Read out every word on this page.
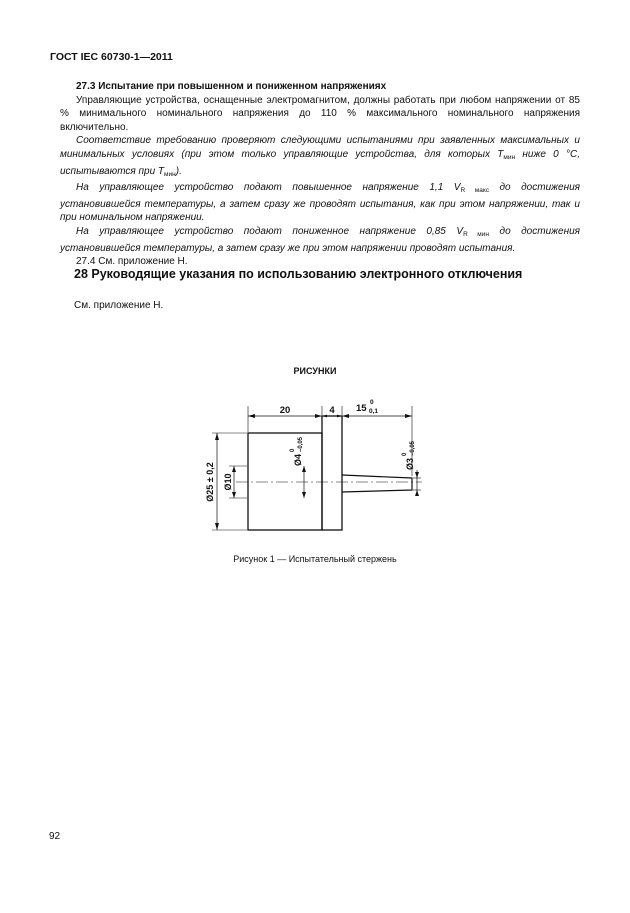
ГОСТ IEC 60730-1—2011

27.3 Испытание при повышенном и пониженном напряжениях

Управляющие устройства, оснащенные электромагнитом, должны работать при любом напряжении от 85 % минимального номинального напряжения до 110 % максимального номинального напряжения включительно.

Соответствие требованию проверяют следующими испытаниями при заявленных максимальных и минимальных условиях (при этом только управляющие устройства, для которых $T_{мин}$ ниже 0 °C, испытываются при $T_{мин}$).

На управляющее устройство подают повышенное напряжение 1,1 $V_{R макс}$ до достижения установившейся температуры, а затем сразу же проводят испытания, как при этом напряжении, так и при номинальном напряжении.

На управляющее устройство подают пониженное напряжение 0,85 $V_{R мин}$ до достижения установившейся температуры, а затем сразу же при этом напряжении проводят испытания.

27.4 См. приложение Н.

28 Руководящие указания по использованию электронного отключения
См. приложение Н.
РИСУНКИ
20	4 15
0
0,1
Ø25 ± 0,2 Ø10
Ø4
0 –0,05
Ø3
0 –0,05
Рисунок 1 — Испытательный стержень
92
